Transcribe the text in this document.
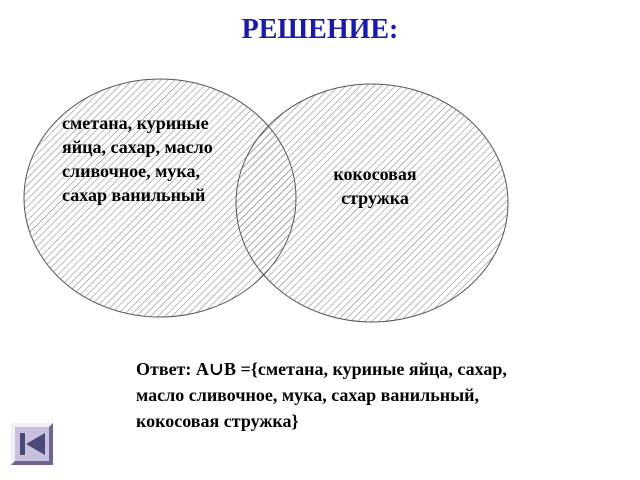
РЕШЕНИЕ:
сметана, куриные
яйца, сахар, масло
сливочное, мука,
сахар ванильный
кокосовая
стружка
Ответ: A∪B ={сметана, куриные яйца, сахар,
масло сливочное, мука, сахар ванильный,
кокосовая стружка}
